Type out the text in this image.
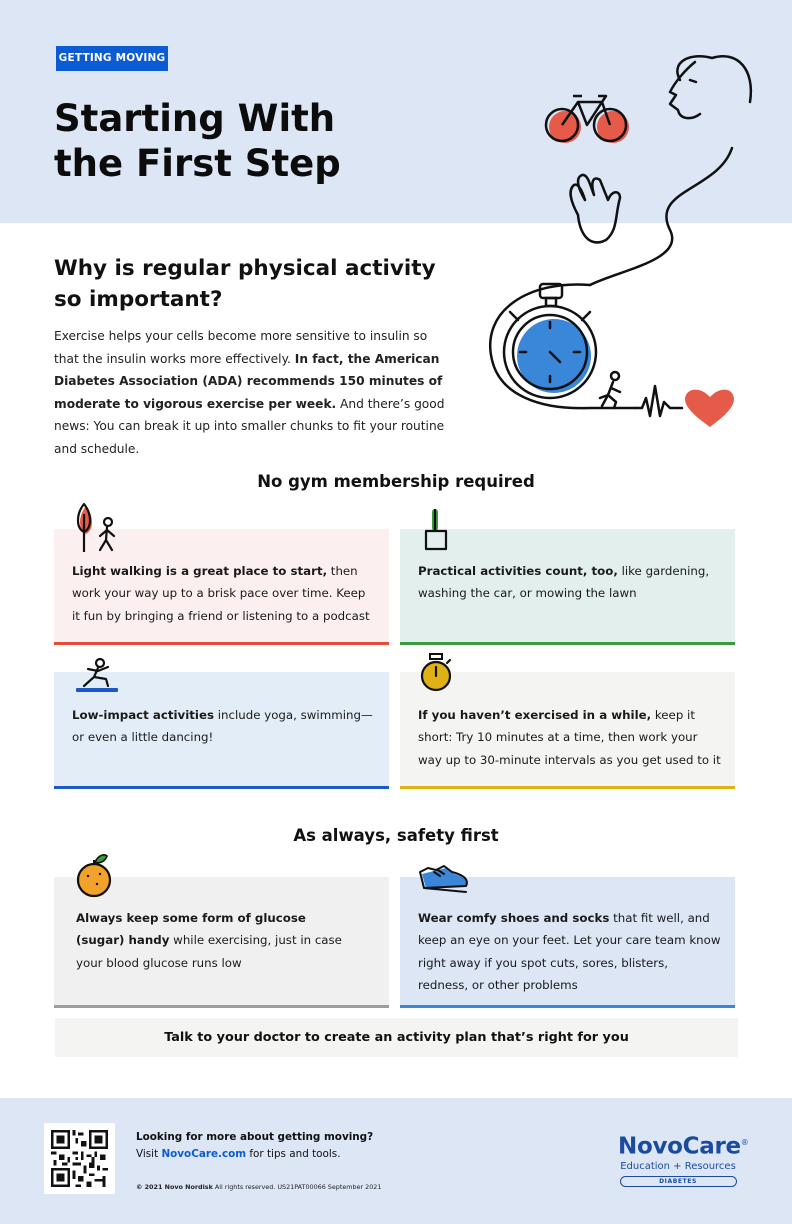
GETTING MOVING
Starting With
the First Step
Why is regular physical activity
so important?
Exercise helps your cells become more sensitive to insulin so that the insulin works more effectively. In fact, the American Diabetes Association (ADA) recommends 150 minutes of moderate to vigorous exercise per week. And there’s good news: You can break it up into smaller chunks to fit your routine and schedule.
No gym membership required
Light walking is a great place to start, then work your way up to a brisk pace over time. Keep it fun by bringing a friend or listening to a podcast
Practical activities count, too, like gardening, washing the car, or mowing the lawn
Low-impact activities include yoga, swimming—or even a little dancing!
If you haven’t exercised in a while, keep it short: Try 10 minutes at a time, then work your way up to 30-minute intervals as you get used to it
As always, safety first
Always keep some form of glucose (sugar) handy while exercising, just in case your blood glucose runs low
Wear comfy shoes and socks that fit well, and keep an eye on your feet. Let your care team know right away if you spot cuts, sores, blisters, redness, or other problems
Talk to your doctor to create an activity plan that’s right for you
Looking for more about getting moving?
Visit NovoCare.com for tips and tools.
© 2021 Novo Nordisk All rights reserved. US21PAT00066 September 2021
NovoCare®
Education + Resources
DIABETES
